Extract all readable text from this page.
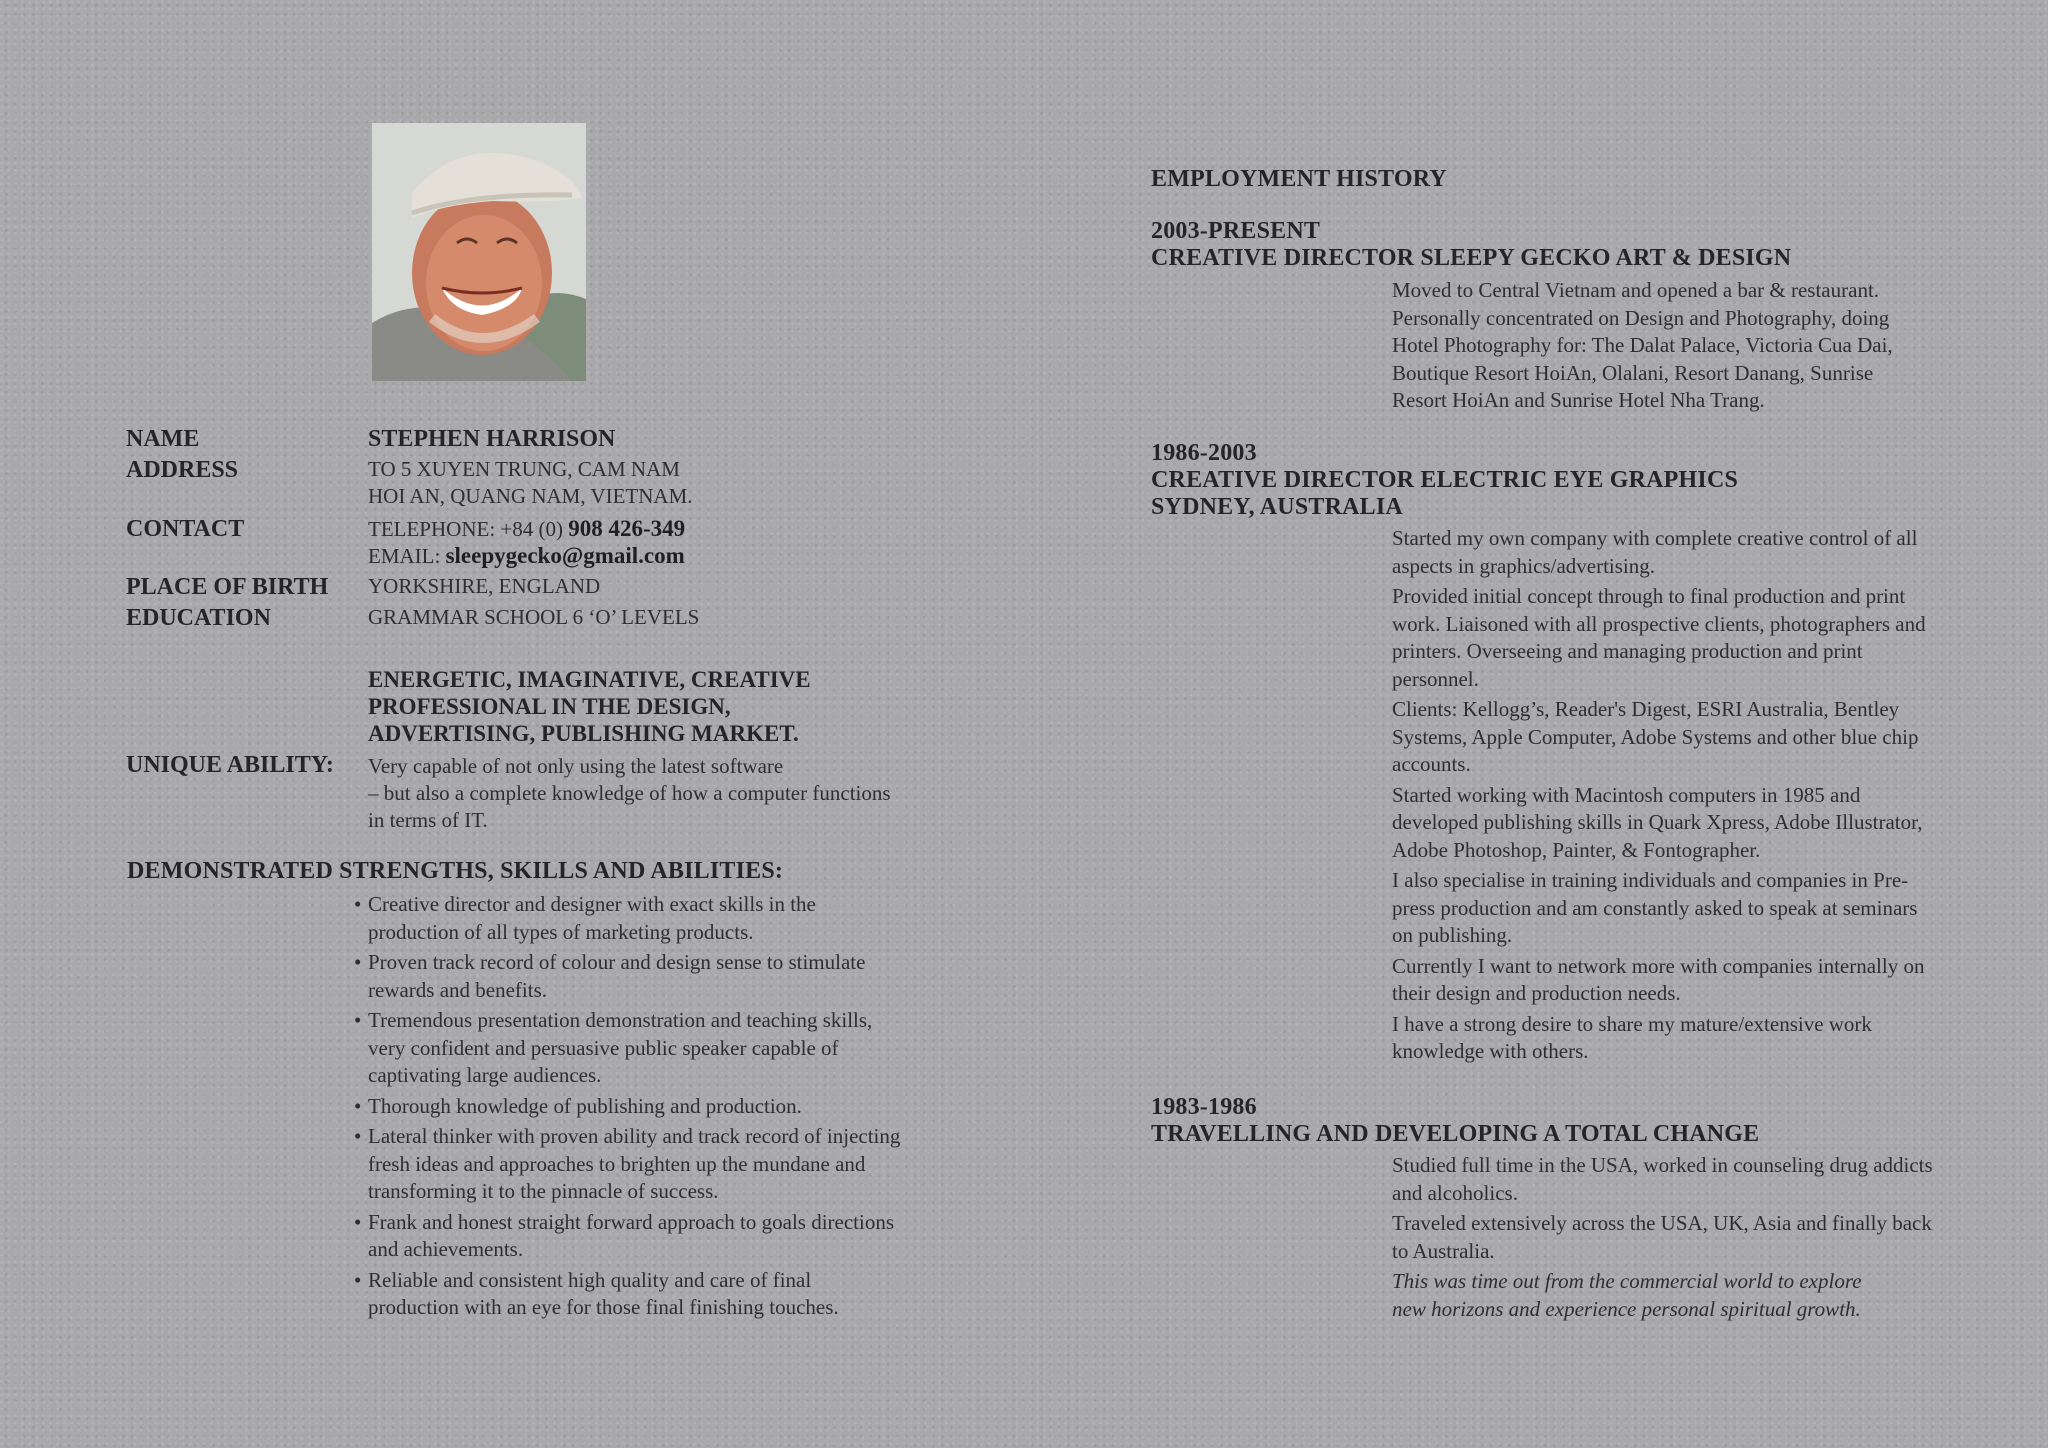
NAME	STEPHEN HARRISON
ADDRESS	TO 5 XUYEN TRUNG, CAM NAM
HOI AN, QUANG NAM, VIETNAM.
CONTACT	TELEPHONE: +84 (0) 908 426-349
EMAIL: sleepygecko@gmail.com
PLACE OF BIRTH YORKSHIRE, ENGLAND
EDUCATION	GRAMMAR SCHOOL 6 ‘O’ LEVELS
ENERGETIC, IMAGINATIVE, CREATIVE
PROFESSIONAL IN THE DESIGN,
ADVERTISING, PUBLISHING MARKET.
UNIQUE ABILITY: Very capable of not only using the latest software
– but also a complete knowledge of how a computer functions
in terms of IT.
DEMONSTRATED STRENGTHS, SKILLS AND ABILITIES:
• Creative director and designer with exact skills in the
production of all types of marketing products.
• Proven track record of colour and design sense to stimulate
rewards and benefits.
• Tremendous presentation demonstration and teaching skills,
very confident and persuasive public speaker capable of
captivating large audiences.
• Thorough knowledge of publishing and production.
• Lateral thinker with proven ability and track record of injecting
fresh ideas and approaches to brighten up the mundane and
transforming it to the pinnacle of success.
• Frank and honest straight forward approach to goals directions
and achievements.
• Reliable and consistent high quality and care of final
production with an eye for those final finishing touches.
EMPLOYMENT HISTORY
2003-PRESENT
CREATIVE DIRECTOR SLEEPY GECKO ART & DESIGN
Moved to Central Vietnam and opened a bar & restaurant.
Personally concentrated on Design and Photography, doing
Hotel Photography for: The Dalat Palace, Victoria Cua Dai,
Boutique Resort HoiAn, Olalani, Resort Danang, Sunrise
Resort HoiAn and Sunrise Hotel Nha Trang.
1986-2003
CREATIVE DIRECTOR ELECTRIC EYE GRAPHICS
SYDNEY, AUSTRALIA
Started my own company with complete creative control of all
aspects in graphics/advertising.
Provided initial concept through to final production and print
work. Liaisoned with all prospective clients, photographers and
printers. Overseeing and managing production and print
personnel.
Clients: Kellogg’s, Reader's Digest, ESRI Australia, Bentley
Systems, Apple Computer, Adobe Systems and other blue chip
accounts.
Started working with Macintosh computers in 1985 and
developed publishing skills in Quark Xpress, Adobe Illustrator,
Adobe Photoshop, Painter, & Fontographer.
I also specialise in training individuals and companies in Pre-
press production and am constantly asked to speak at seminars
on publishing.
Currently I want to network more with companies internally on
their design and production needs.
I have a strong desire to share my mature/extensive work
knowledge with others.
1983-1986
TRAVELLING AND DEVELOPING A TOTAL CHANGE
Studied full time in the USA, worked in counseling drug addicts
and alcoholics.
Traveled extensively across the USA, UK, Asia and finally back
to Australia.
This was time out from the commercial world to explore
new horizons and experience personal spiritual growth.
